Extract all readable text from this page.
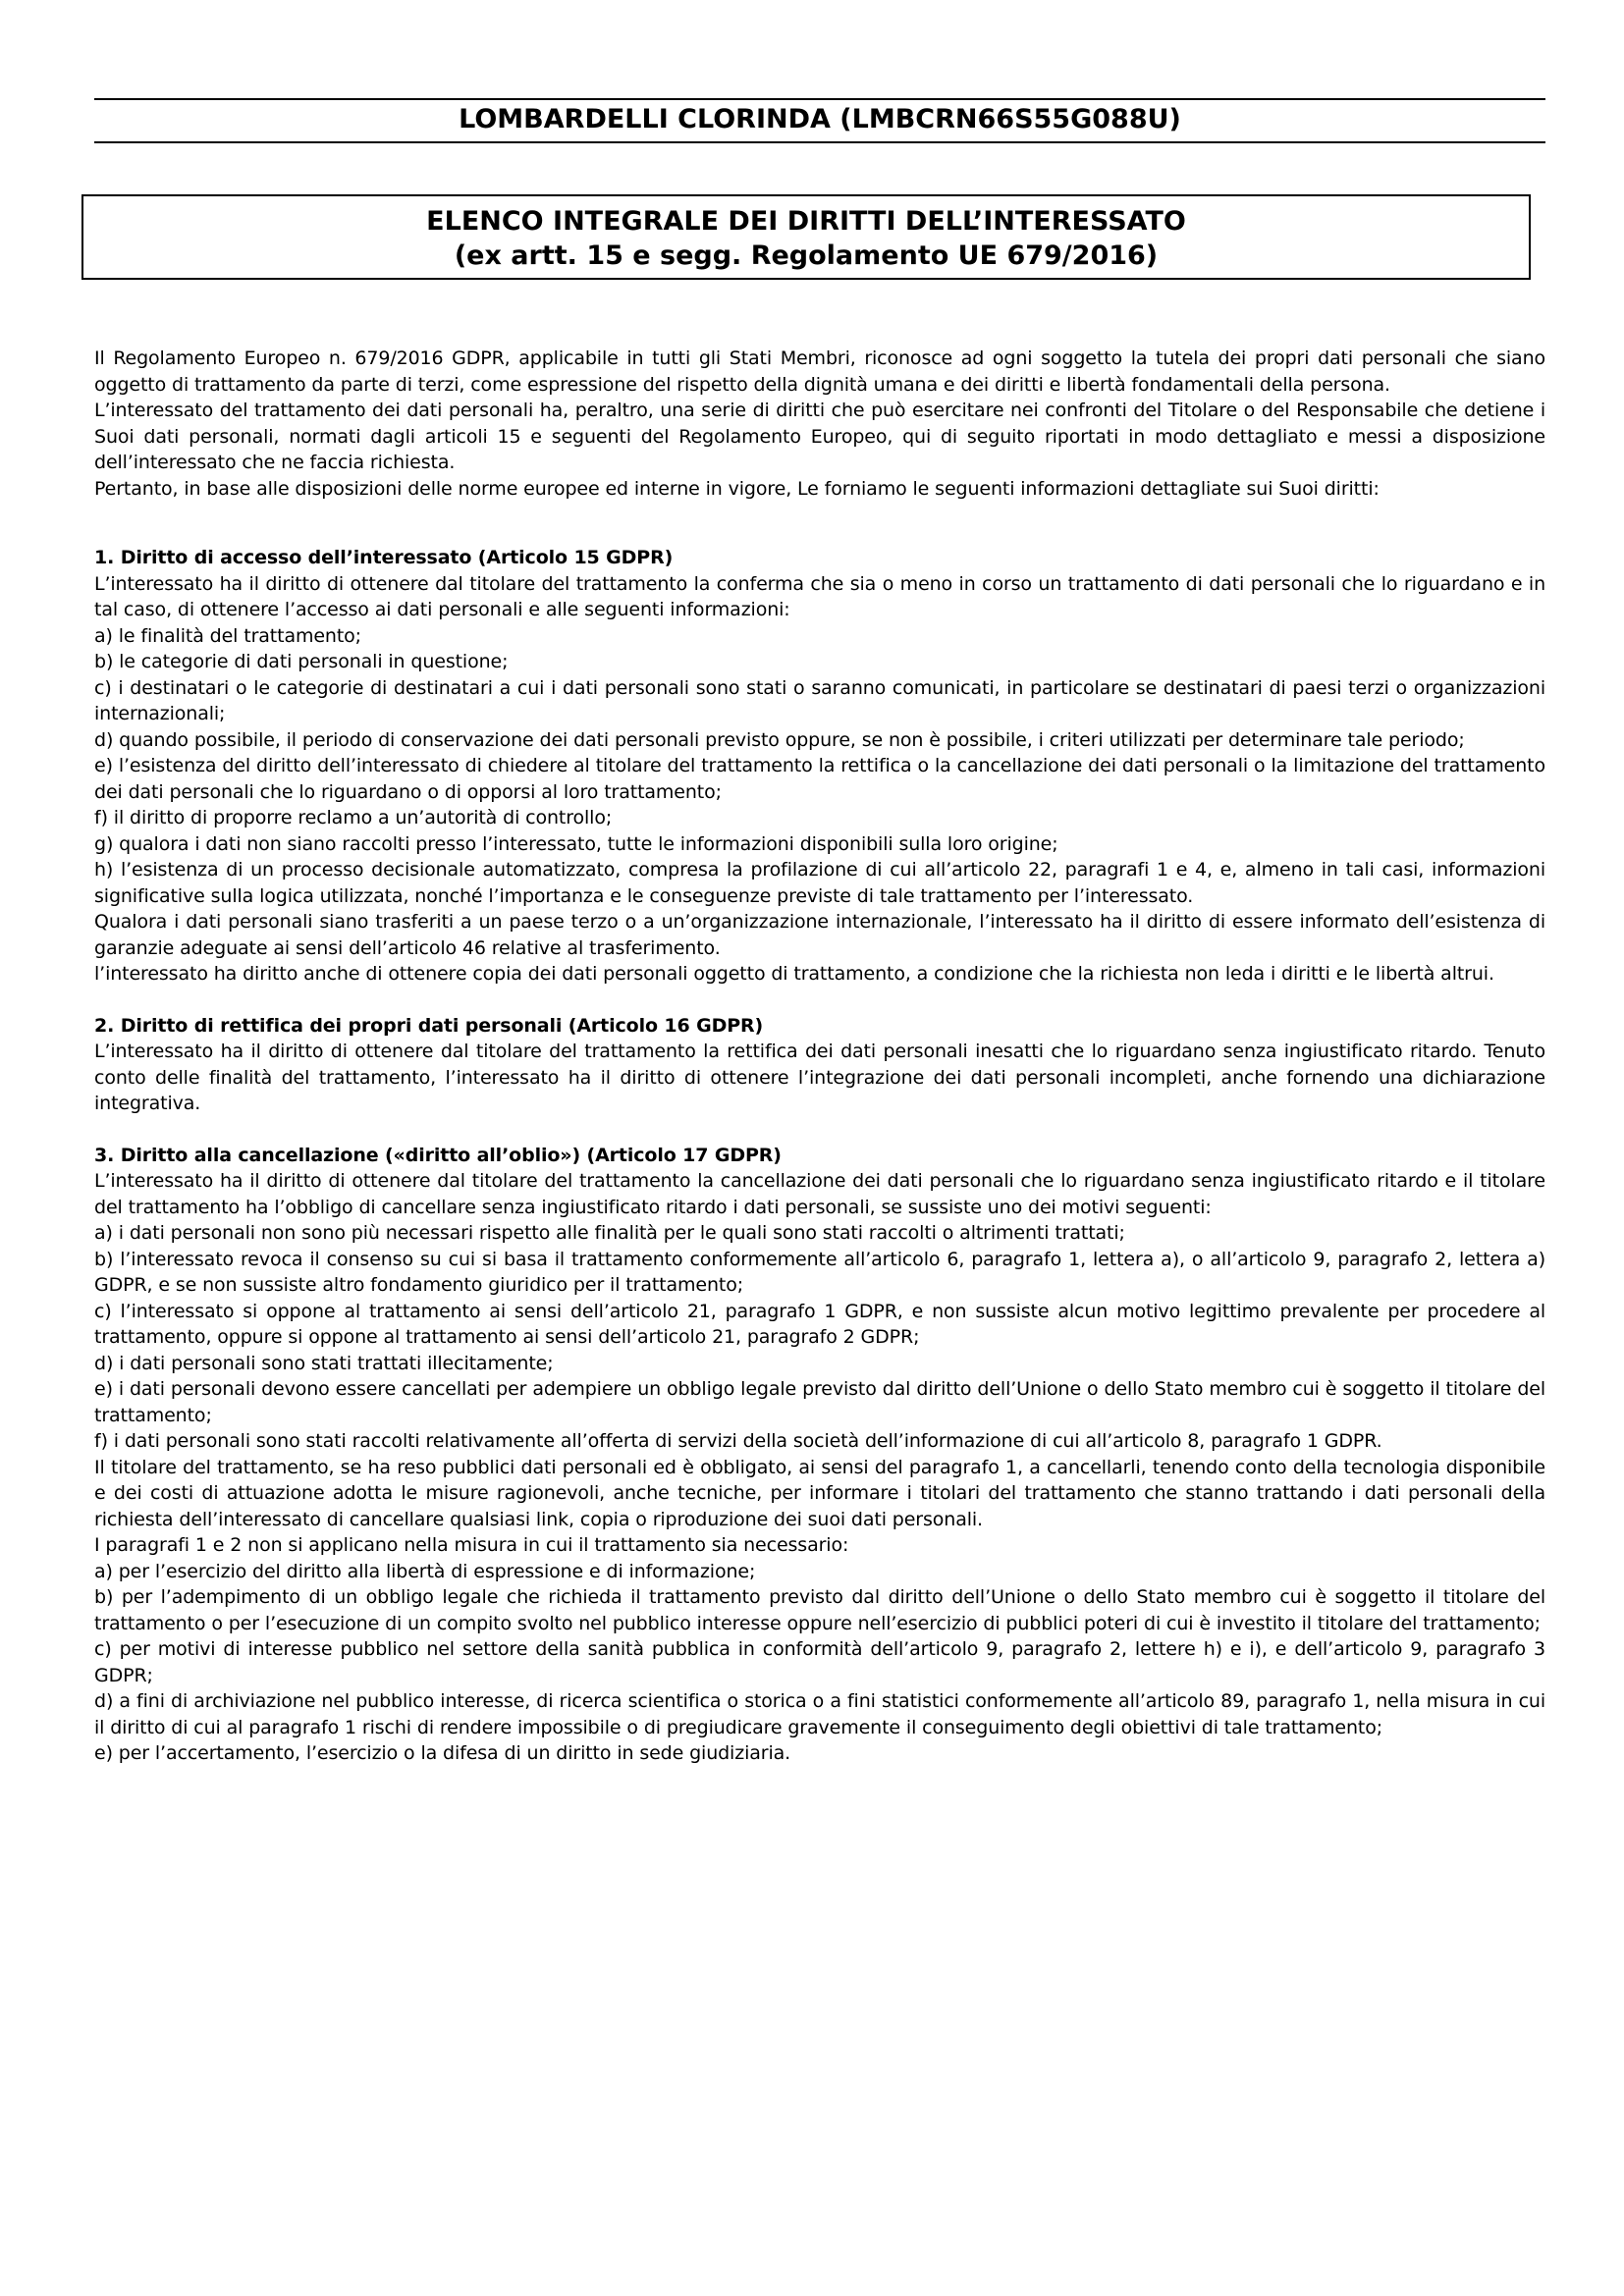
LOMBARDELLI CLORINDA (LMBCRN66S55G088U)
ELENCO INTEGRALE DEI DIRITTI DELL’INTERESSATO
(ex artt. 15 e segg. Regolamento UE 679/2016)

Il Regolamento Europeo n. 679/2016 GDPR, applicabile in tutti gli Stati Membri, riconosce ad ogni soggetto la tutela dei propri dati personali che siano oggetto di trattamento da parte di terzi, come espressione del rispetto della dignità umana e dei diritti e libertà fondamentali della persona.

L’interessato del trattamento dei dati personali ha, peraltro, una serie di diritti che può esercitare nei confronti del Titolare o del Responsabile che detiene i Suoi dati personali, normati dagli articoli 15 e seguenti del Regolamento Europeo, qui di seguito riportati in modo dettagliato e messi a disposizione dell’interessato che ne faccia richiesta.

Pertanto, in base alle disposizioni delle norme europee ed interne in vigore, Le forniamo le seguenti informazioni dettagliate sui Suoi diritti:

1. Diritto di accesso dell’interessato (Articolo 15 GDPR)

L’interessato ha il diritto di ottenere dal titolare del trattamento la conferma che sia o meno in corso un trattamento di dati personali che lo riguardano e in tal caso, di ottenere l’accesso ai dati personali e alle seguenti informazioni:

a) le finalità del trattamento;

b) le categorie di dati personali in questione;

c) i destinatari o le categorie di destinatari a cui i dati personali sono stati o saranno comunicati, in particolare se destinatari di paesi terzi o organizzazioni internazionali;

d) quando possibile, il periodo di conservazione dei dati personali previsto oppure, se non è possibile, i criteri utilizzati per determinare tale periodo;

e) l’esistenza del diritto dell’interessato di chiedere al titolare del trattamento la rettifica o la cancellazione dei dati personali o la limitazione del trattamento dei dati personali che lo riguardano o di opporsi al loro trattamento;

f) il diritto di proporre reclamo a un’autorità di controllo;

g) qualora i dati non siano raccolti presso l’interessato, tutte le informazioni disponibili sulla loro origine;

h) l’esistenza di un processo decisionale automatizzato, compresa la profilazione di cui all’articolo 22, paragrafi 1 e 4, e, almeno in tali casi, informazioni significative sulla logica utilizzata, nonché l’importanza e le conseguenze previste di tale trattamento per l’interessato.

Qualora i dati personali siano trasferiti a un paese terzo o a un’organizzazione internazionale, l’interessato ha il diritto di essere informato dell’esistenza di garanzie adeguate ai sensi dell’articolo 46 relative al trasferimento.

l’interessato ha diritto anche di ottenere copia dei dati personali oggetto di trattamento, a condizione che la richiesta non leda i diritti e le libertà altrui.

2. Diritto di rettifica dei propri dati personali (Articolo 16 GDPR)

L’interessato ha il diritto di ottenere dal titolare del trattamento la rettifica dei dati personali inesatti che lo riguardano senza ingiustificato ritardo. Tenuto conto delle finalità del trattamento, l’interessato ha il diritto di ottenere l’integrazione dei dati personali incompleti, anche fornendo una dichiarazione integrativa.

3. Diritto alla cancellazione («diritto all’oblio») (Articolo 17 GDPR)

L’interessato ha il diritto di ottenere dal titolare del trattamento la cancellazione dei dati personali che lo riguardano senza ingiustificato ritardo e il titolare del trattamento ha l’obbligo di cancellare senza ingiustificato ritardo i dati personali, se sussiste uno dei motivi seguenti:

a) i dati personali non sono più necessari rispetto alle finalità per le quali sono stati raccolti o altrimenti trattati;

b) l’interessato revoca il consenso su cui si basa il trattamento conformemente all’articolo 6, paragrafo 1, lettera a), o all’articolo 9, paragrafo 2, lettera a) GDPR, e se non sussiste altro fondamento giuridico per il trattamento;

c) l’interessato si oppone al trattamento ai sensi dell’articolo 21, paragrafo 1 GDPR, e non sussiste alcun motivo legittimo prevalente per procedere al trattamento, oppure si oppone al trattamento ai sensi dell’articolo 21, paragrafo 2 GDPR;

d) i dati personali sono stati trattati illecitamente;

e) i dati personali devono essere cancellati per adempiere un obbligo legale previsto dal diritto dell’Unione o dello Stato membro cui è soggetto il titolare del trattamento;

f) i dati personali sono stati raccolti relativamente all’offerta di servizi della società dell’informazione di cui all’articolo 8, paragrafo 1 GDPR.

Il titolare del trattamento, se ha reso pubblici dati personali ed è obbligato, ai sensi del paragrafo 1, a cancellarli, tenendo conto della tecnologia disponibile e dei costi di attuazione adotta le misure ragionevoli, anche tecniche, per informare i titolari del trattamento che stanno trattando i dati personali della richiesta dell’interessato di cancellare qualsiasi link, copia o riproduzione dei suoi dati personali.

I paragrafi 1 e 2 non si applicano nella misura in cui il trattamento sia necessario:

a) per l’esercizio del diritto alla libertà di espressione e di informazione;

b) per l’adempimento di un obbligo legale che richieda il trattamento previsto dal diritto dell’Unione o dello Stato membro cui è soggetto il titolare del trattamento o per l’esecuzione di un compito svolto nel pubblico interesse oppure nell’esercizio di pubblici poteri di cui è investito il titolare del trattamento;

c) per motivi di interesse pubblico nel settore della sanità pubblica in conformità dell’articolo 9, paragrafo 2, lettere h) e i), e dell’articolo 9, paragrafo 3 GDPR;

d) a fini di archiviazione nel pubblico interesse, di ricerca scientifica o storica o a fini statistici conformemente all’articolo 89, paragrafo 1, nella misura in cui il diritto di cui al paragrafo 1 rischi di rendere impossibile o di pregiudicare gravemente il conseguimento degli obiettivi di tale trattamento;

e) per l’accertamento, l’esercizio o la difesa di un diritto in sede giudiziaria.
